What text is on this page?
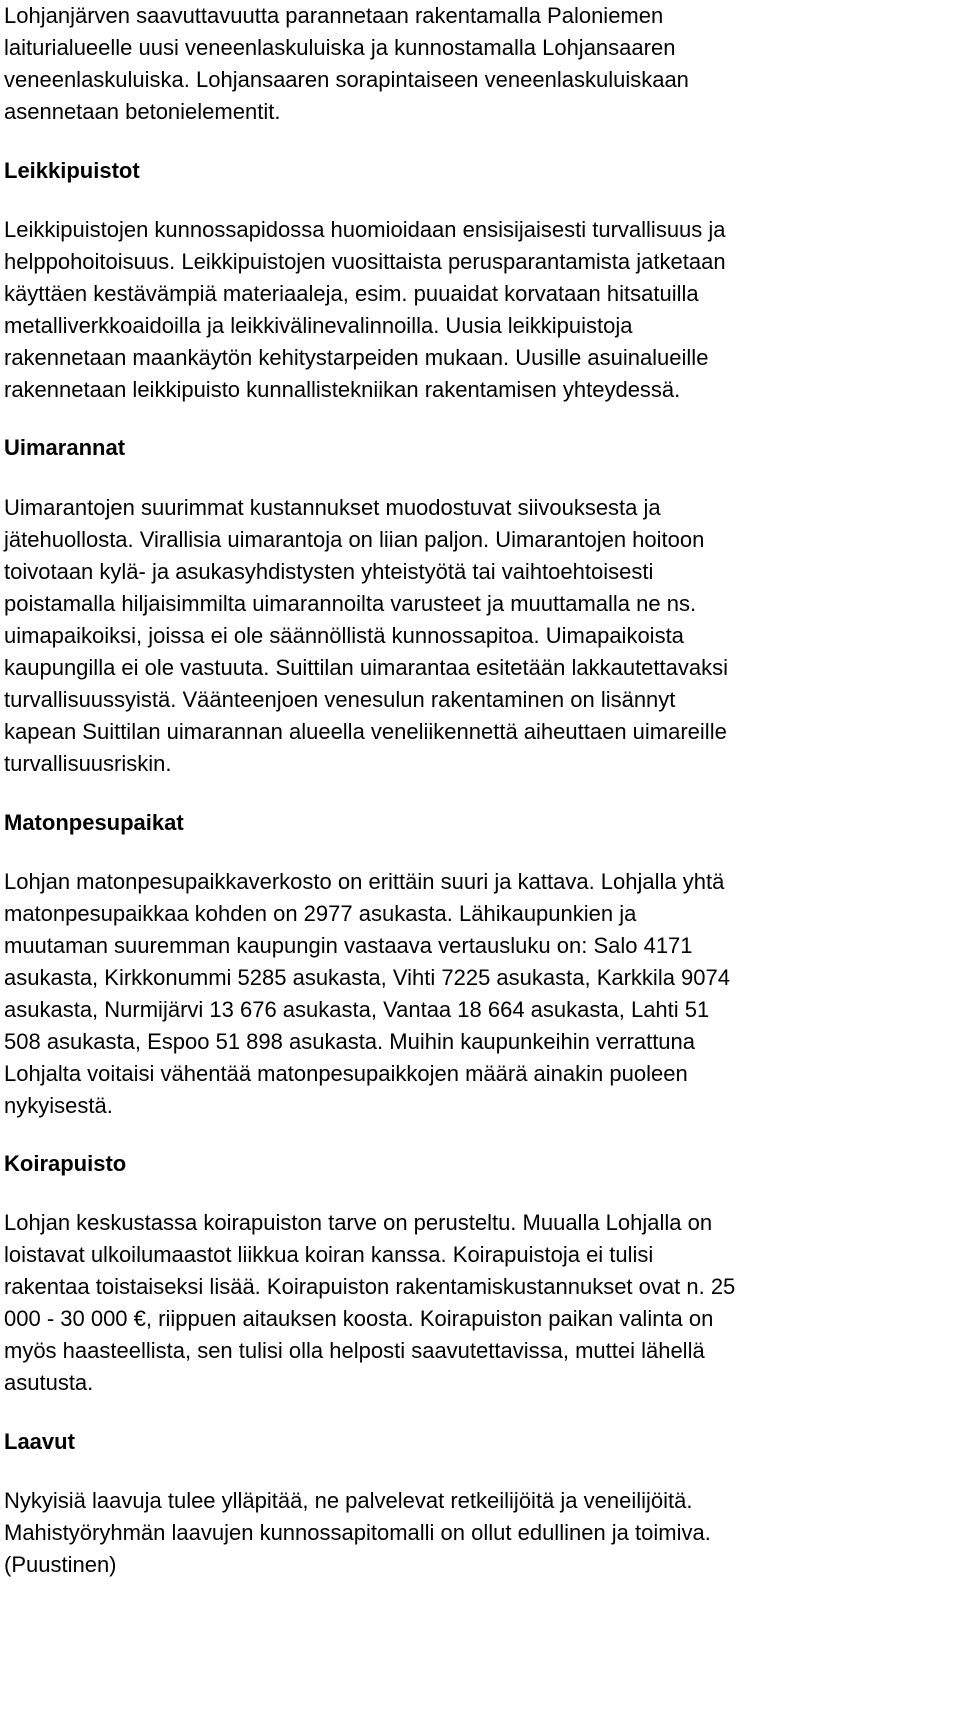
Lohjanjärven saavuttavuutta parannetaan rakentamalla Paloniemen
laiturialueelle uusi veneenlaskuluiska ja kunnostamalla Lohjansaaren
veneenlaskuluiska. Lohjansaaren sorapintaiseen veneenlaskuluiskaan
asennetaan betonielementit.
Leikkipuistot
Leikkipuistojen kunnossapidossa huomioidaan ensisijaisesti turvallisuus ja
helppohoitoisuus. Leikkipuistojen vuosittaista perusparantamista jatketaan
käyttäen kestävämpiä materiaaleja, esim. puuaidat korvataan hitsatuilla
metalliverkkoaidoilla ja leikkivälinevalinnoilla. Uusia leikkipuistoja
rakennetaan maankäytön kehitystarpeiden mukaan. Uusille asuinalueille
rakennetaan leikkipuisto kunnallistekniikan rakentamisen yhteydessä.
Uimarannat
Uimarantojen suurimmat kustannukset muodostuvat siivouksesta ja
jätehuollosta. Virallisia uimarantoja on liian paljon. Uimarantojen hoitoon
toivotaan kylä- ja asukasyhdistysten yhteistyötä tai vaihtoehtoisesti
poistamalla hiljaisimmilta uimarannoilta varusteet ja muuttamalla ne ns.
uimapaikoiksi, joissa ei ole säännöllistä kunnossapitoa. Uimapaikoista
kaupungilla ei ole vastuuta. Suittilan uimarantaa esitetään lakkautettavaksi
turvallisuussyistä. Väänteenjoen venesulun rakentaminen on lisännyt
kapean Suittilan uimarannan alueella veneliikennettä aiheuttaen uimareille
turvallisuusriskin.
Matonpesupaikat
Lohjan matonpesupaikkaverkosto on erittäin suuri ja kattava. Lohjalla yhtä
matonpesupaikkaa kohden on 2977 asukasta. Lähikaupunkien ja
muutaman suuremman kaupungin vastaava vertausluku on: Salo 4171
asukasta, Kirkkonummi 5285 asukasta, Vihti 7225 asukasta, Karkkila 9074
asukasta, Nurmijärvi 13 676 asukasta, Vantaa 18 664 asukasta, Lahti 51
508 asukasta, Espoo 51 898 asukasta. Muihin kaupunkeihin verrattuna
Lohjalta voitaisi vähentää matonpesupaikkojen määrä ainakin puoleen
nykyisestä.
Koirapuisto
Lohjan keskustassa koirapuiston tarve on perusteltu. Muualla Lohjalla on
loistavat ulkoilumaastot liikkua koiran kanssa. Koirapuistoja ei tulisi
rakentaa toistaiseksi lisää. Koirapuiston rakentamiskustannukset ovat n. 25
000 - 30 000 €, riippuen aitauksen koosta. Koirapuiston paikan valinta on
myös haasteellista, sen tulisi olla helposti saavutettavissa, muttei lähellä
asutusta.
Laavut
Nykyisiä laavuja tulee ylläpitää, ne palvelevat retkeilijöitä ja veneilijöitä.
Mahistyöryhmän laavujen kunnossapitomalli on ollut edullinen ja toimiva.
(Puustinen)
